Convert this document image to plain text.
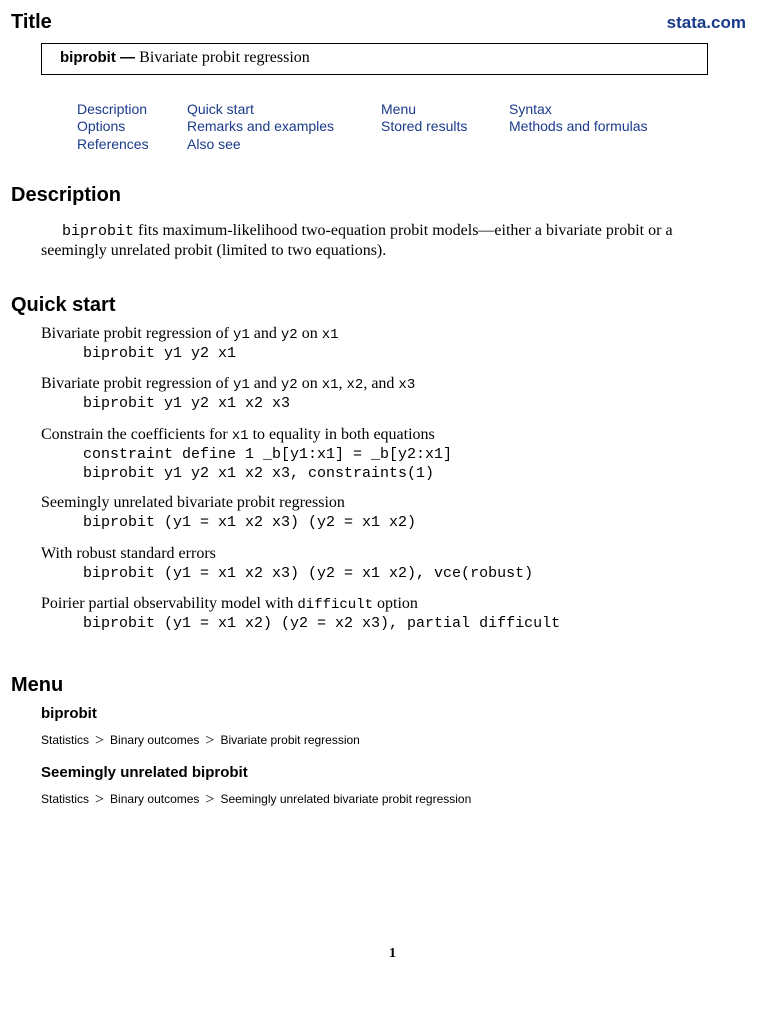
Title	stata.com
biprobit — Bivariate probit regression
Description
Options
References
Quick start
Remarks and examples
Also see
Menu
Stored results
Syntax
Methods and formulas
Description
biprobit fits maximum-likelihood two-equation probit models—either a bivariate probit or a
seemingly unrelated probit (limited to two equations).
Quick start
Bivariate probit regression of y1 and y2 on x1
biprobit y1 y2 x1
Bivariate probit regression of y1 and y2 on x1, x2, and x3
biprobit y1 y2 x1 x2 x3
Constrain the coefficients for x1 to equality in both equations
constraint define 1 _b[y1:x1] = _b[y2:x1]
biprobit y1 y2 x1 x2 x3, constraints(1)
Seemingly unrelated bivariate probit regression
biprobit (y1 = x1 x2 x3) (y2 = x1 x2)
With robust standard errors
biprobit (y1 = x1 x2 x3) (y2 = x1 x2), vce(robust)
Poirier partial observability model with difficult option
biprobit (y1 = x1 x2) (y2 = x2 x3), partial difficult
Menu
biprobit
Statistics > Binary outcomes > Bivariate probit regression
Seemingly unrelated biprobit
Statistics > Binary outcomes > Seemingly unrelated bivariate probit regression
1
